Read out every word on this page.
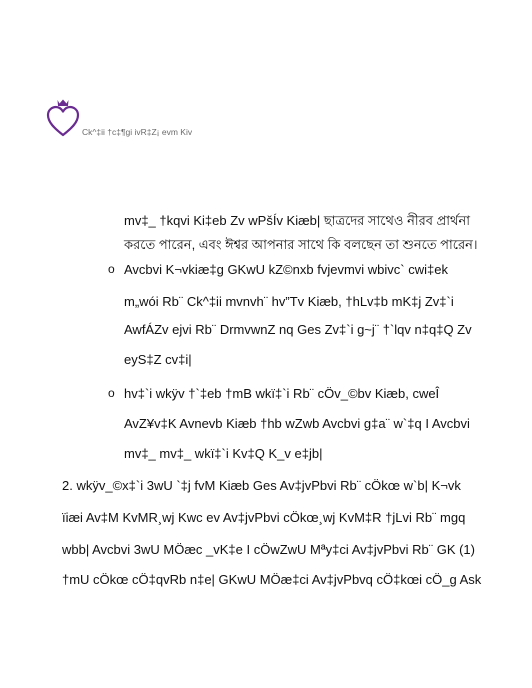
Ck^‡ii †c‡¶gi ivR‡Z¡ evm Kiv
mv‡_ †kqvi Ki‡eb Zv wPšÍv Kiæb| ছাত্রদের সাথেও নীরব প্রার্থনা
করতে পারেন, এবং ঈশ্বর আপনার সাথে কি বলছেন তা শুনতে পারেন।
o Avcbvi K¬vkiæ‡g GKwU kZ©nxb fvjevmvi wbivc` cwi‡ek
m„wói Rb¨ Ck^‡ii mvnvh¨ hv”Tv Kiæb, †hLv‡b mK‡j Zv‡`i
AwfÁZv ejvi Rb¨ DrmvwnZ nq Ges Zv‡`i g~j¨ †`lqv n‡q‡Q Zv
eyS‡Z cv‡i|
o hv‡`i wkÿv †`‡eb †mB wkï‡`i Rb¨ cÖv_©bv Kiæb, cweÎ
AvZ¥v‡K Avnevb Kiæb †hb wZwb Avcbvi g‡a¨ w`‡q I Avcbvi
mv‡_ mv‡_ wkï‡`i Kv‡Q K_v e‡jb|
2. wkÿv_©x‡`i 3wU `‡j fvM Kiæb Ges Av‡jvPbvi Rb¨ cÖkœ w`b| K¬vk
ïiæi Av‡M KvMR¸wj Kwc ev Av‡jvPbvi cÖkœ¸wj KvM‡R †jLvi Rb¨ mgq
wbb| Avcbvi 3wU MÖæc _vK‡e I cÖwZwU Mªy‡ci Av‡jvPbvi Rb¨ GK (1)
†mU cÖkœ cÖ‡qvRb n‡e| GKwU MÖæ‡ci Av‡jvPbvq cÖ‡kœi cÖ_g Ask
